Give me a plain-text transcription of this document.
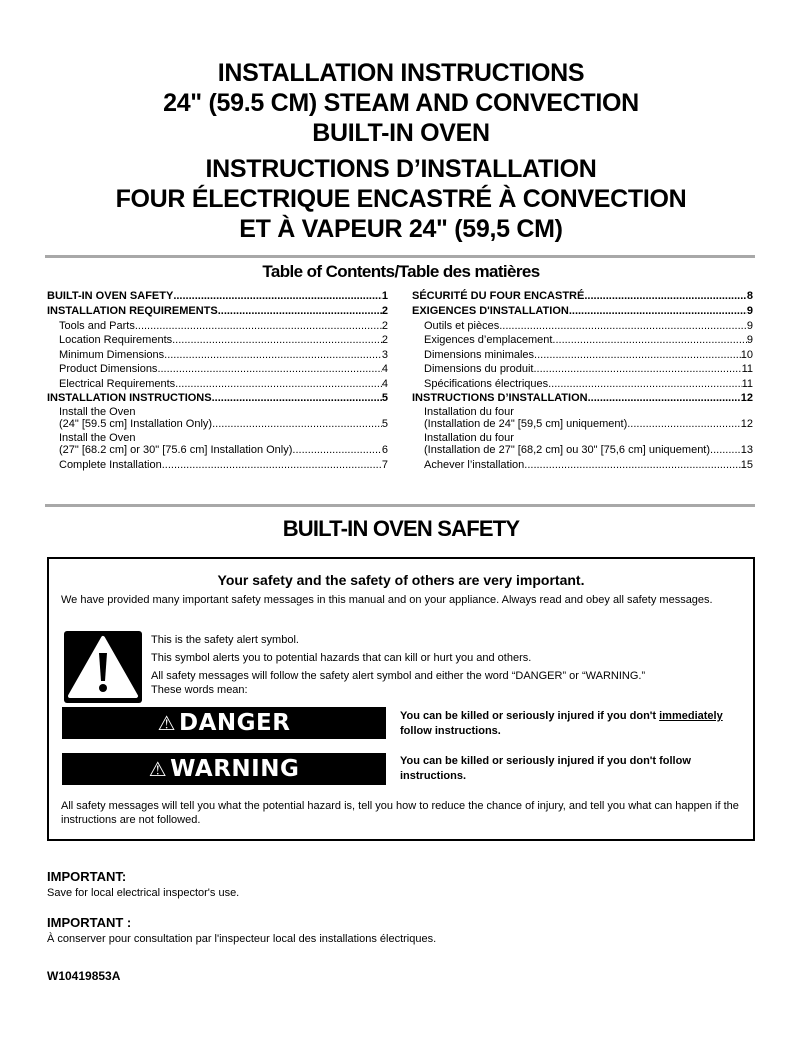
INSTALLATION INSTRUCTIONS
24" (59.5 CM) STEAM AND CONVECTION
BUILT-IN OVEN
INSTRUCTIONS D’INSTALLATION
FOUR ÉLECTRIQUE ENCASTRÉ À CONVECTION
ET À VAPEUR 24" (59,5 CM)
Table of Contents/Table des matières
BUILT-IN OVEN SAFETY .....	1
INSTALLATION REQUIREMENTS .....	2
Tools and Parts .....	2
Location Requirements .....	2
Minimum Dimensions .....	3
Product Dimensions .....	4
Electrical Requirements .....	4
INSTALLATION INSTRUCTIONS .....	5
Install the Oven
(24" [59.5 cm] Installation Only) .....	5
Install the Oven
(27" [68.2 cm] or 30" [75.6 cm] Installation Only) .....	6
Complete Installation .....	7
SÉCURITÉ DU FOUR ENCASTRÉ .....	8
EXIGENCES D'INSTALLATION .....	9
Outils et pièces .....	9
Exigences d’emplacement .....	9
Dimensions minimales .....	10
Dimensions du produit .....	11
Spécifications électriques .....	11
INSTRUCTIONS D’INSTALLATION .....	12
Installation du four
(Installation de 24" [59,5 cm] uniquement) .....	12
Installation du four
(Installation de 27" [68,2 cm] ou 30" [75,6 cm] uniquement) .....	13
Achever l’installation .....	15
BUILT-IN OVEN SAFETY
Your safety and the safety of others are very important.
We have provided many important safety messages in this manual and on your appliance. Always read and obey all safety messages.

This is the safety alert symbol.

This symbol alerts you to potential hazards that can kill or hurt you and others.

All safety messages will follow the safety alert symbol and either the word “DANGER” or “WARNING.”
These words mean:
⚠ DANGER	You can be killed or seriously injured if you don't immediately
follow instructions.
⚠ WARNING	You can be killed or seriously injured if you don't follow instructions.
All safety messages will tell you what the potential hazard is, tell you how to reduce the chance of injury, and tell you what can happen if the instructions are not followed.
IMPORTANT:
Save for local electrical inspector's use.
IMPORTANT :
À conserver pour consultation par l'inspecteur local des installations électriques.
W10419853A
